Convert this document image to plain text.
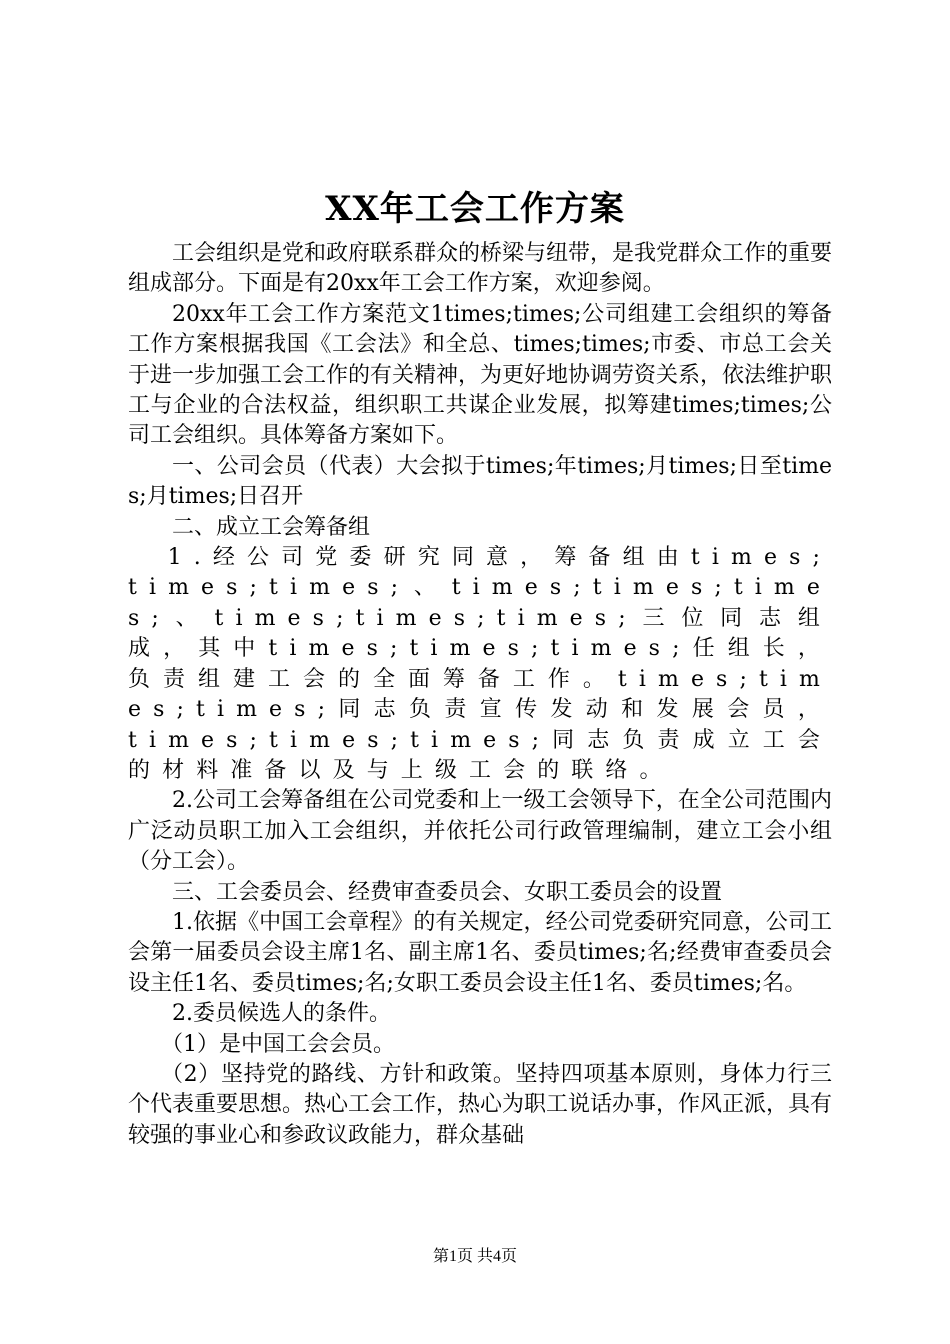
XX年工会工作方案

工会组织是党和政府联系群众的桥梁与纽带，是我党群众工作的重要组成部分。下面是有20xx年工会工作方案，欢迎参阅。

20xx年工会工作方案范文1times;times;公司组建工会组织的筹备工作方案根据我国《工会法》和全总、times;times;市委、市总工会关于进一步加强工会工作的有关精神，为更好地协调劳资关系，依法维护职工与企业的合法权益，组织职工共谋企业发展，拟筹建times;times;公司工会组织。具体筹备方案如下。

一、公司会员（代表）大会拟于times;年times;月times;日至times;月times;日召开

二、成立工会筹备组

1.经公司党委研究同意，筹备组由times;times;times;、times;times;times;、times;times;times;三位同志组成，其中times;times;times;任组长，负责组建工会的全面筹备工作。times;times;times;同志负责宣传发动和发展会员，times;times;times;同志负责成立工会的材料准备以及与上级工会的联络。

2.公司工会筹备组在公司党委和上一级工会领导下，在全公司范围内广泛动员职工加入工会组织，并依托公司行政管理编制，建立工会小组（分工会）。

三、工会委员会、经费审查委员会、女职工委员会的设置

1.依据《中国工会章程》的有关规定，经公司党委研究同意，公司工会第一届委员会设主席1名、副主席1名、委员times;名;经费审查委员会设主任1名、委员times;名;女职工委员会设主任1名、委员times;名。

2.委员候选人的条件。

（1）是中国工会会员。

（2）坚持党的路线、方针和政策。坚持四项基本原则，身体力行三个代表重要思想。热心工会工作，热心为职工说话办事，作风正派，具有较强的事业心和参政议政能力，群众基础

第1页 共4页
